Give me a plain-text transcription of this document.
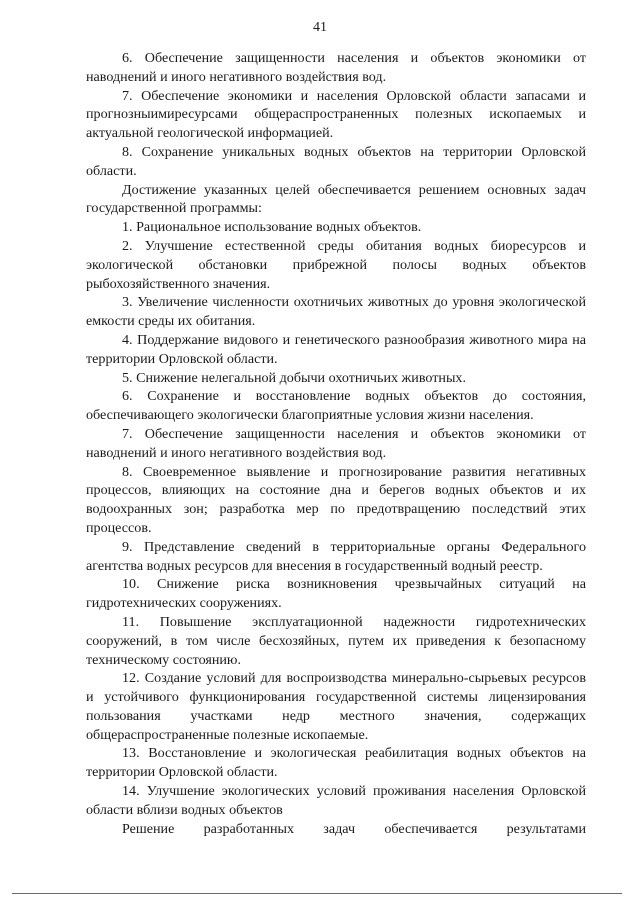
41

6. Обеспечение защищенности населения и объектов экономики от наводнений и иного негативного воздействия вод.

7. Обеспечение экономики и населения Орловской области запасами и прогнозныимиресурсами общераспространенных полезных ископаемых и актуальной геологической информацией.

8. Сохранение уникальных водных объектов на территории Орловской области.

Достижение указанных целей обеспечивается решением основных задач государственной программы:

1. Рациональное использование водных объектов.

2. Улучшение естественной среды обитания водных биоресурсов и экологической обстановки прибрежной полосы водных объектов рыбохозяйственного значения.

3. Увеличение численности охотничьих животных до уровня экологической емкости среды их обитания.

4. Поддержание видового и генетического разнообразия животного мира на территории Орловской области.

5. Снижение нелегальной добычи охотничьих животных.

6. Сохранение и восстановление водных объектов до состояния, обеспечивающего экологически благоприятные условия жизни населения.

7. Обеспечение защищенности населения и объектов экономики от наводнений и иного негативного воздействия вод.

8. Своевременное выявление и прогнозирование развития негативных процессов, влияющих на состояние дна и берегов водных объектов и их водоохранных зон; разработка мер по предотвращению последствий этих процессов.

9. Представление сведений в территориальные органы Федерального агентства водных ресурсов для внесения в государственный водный реестр.

10. Снижение риска возникновения чрезвычайных ситуаций на гидротехнических сооружениях.

11. Повышение эксплуатационной надежности гидротехнических сооружений, в том числе бесхозяйных, путем их приведения к безопасному техническому состоянию.

12. Создание условий для воспроизводства минерально-сырьевых ресурсов и устойчивого функционирования государственной системы лицензирования пользования участками недр местного значения, содержащих общераспространенные полезные ископаемые.

13. Восстановление и экологическая реабилитация водных объектов на территории Орловской области.

14. Улучшение экологических условий проживания населения Орловской области вблизи водных объектов

Решение разработанных задач обеспечивается результатами
